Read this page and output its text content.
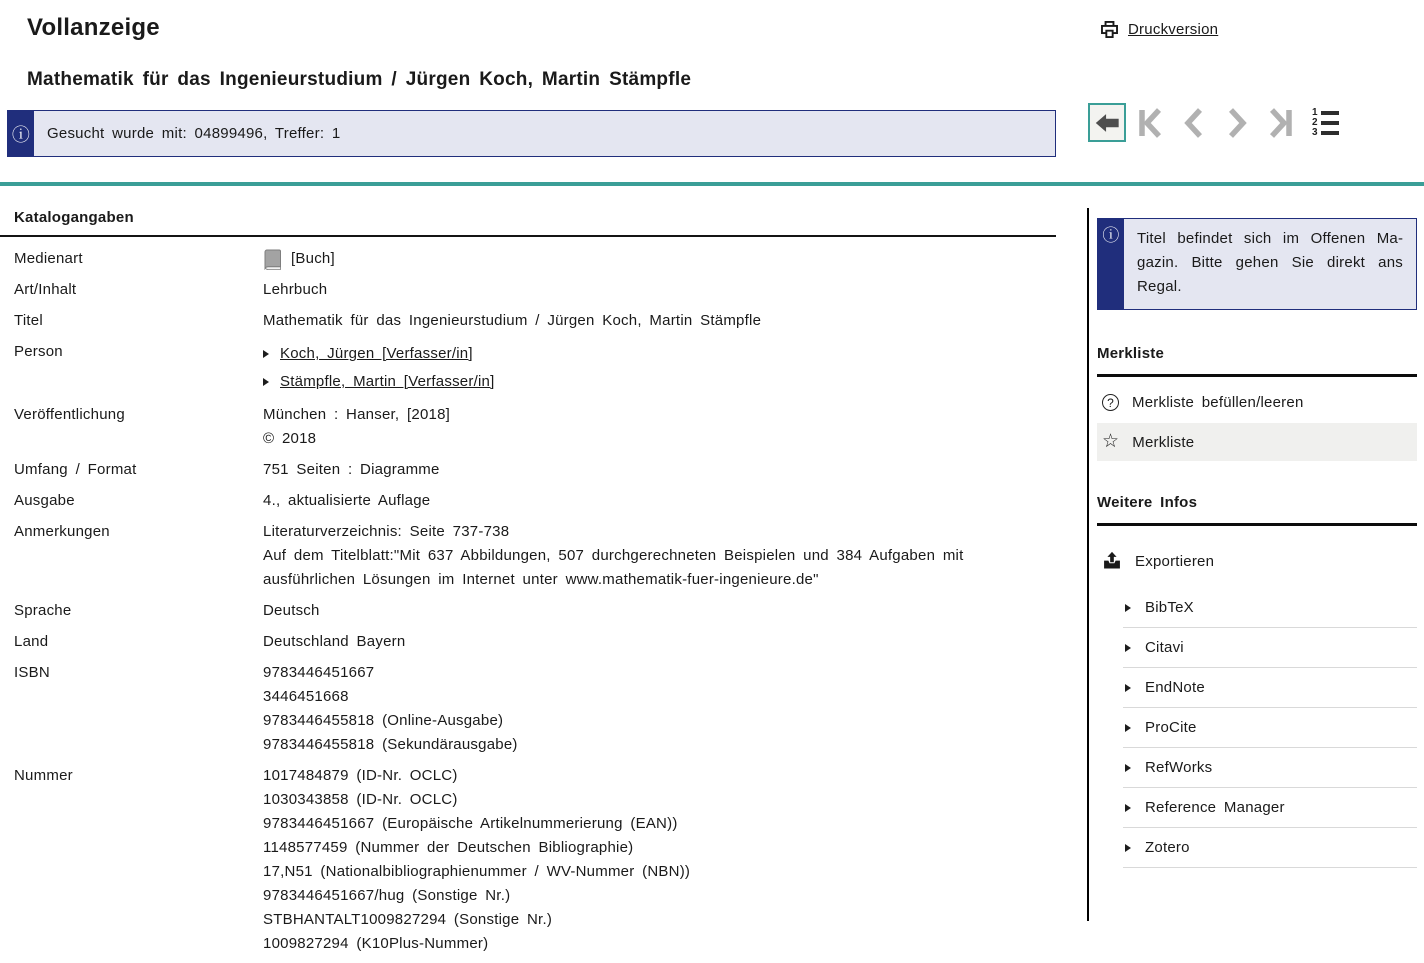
Vollanzeige
Mathematik für das Ingenieurstudium / Jürgen Koch, Martin Stämpfle
Druckversion
ⓘ	Gesucht wurde mit: 04899496, Treffer: 1
1
2
3
Katalogangaben
Medienart	[Buch]
Art/Inhalt	Lehrbuch
Titel	Mathematik für das Ingenieurstudium / Jürgen Koch, Martin Stämpfle
Person	Koch, Jürgen [Verfasser/in]
Stämpfle, Martin [Verfasser/in]
Veröffentlichung	München : Hanser, [2018]
© 2018
Umfang / Format	751 Seiten : Diagramme
Ausgabe	4., aktualisierte Auflage
Anmerkungen	Literaturverzeichnis: Seite 737-738
Auf dem Titelblatt:"Mit 637 Abbildungen, 507 durchgerechneten Beispielen und 384 Aufgaben mit ausführlichen Lösungen im Internet unter www.mathematik-fuer-ingenieure.de"
Sprache	Deutsch
Land	Deutschland Bayern
ISBN	9783446451667
3446451668
9783446455818 (Online-Ausgabe)
9783446455818 (Sekundärausgabe)
Nummer	1017484879 (ID-Nr. OCLC)
1030343858 (ID-Nr. OCLC)
9783446451667 (Europäische Artikelnummerierung (EAN))
1148577459 (Nummer der Deutschen Bibliographie)
17,N51 (Nationalbibliographienummer / WV-Nummer (NBN))
9783446451667/hug (Sonstige Nr.)
STBHANTALT1009827294 (Sonstige Nr.)
1009827294 (K10Plus-Nummer)
ⓘ	Titel befindet sich im Offenen Magazin. Bitte gehen Sie direkt ans Regal.
Merkliste
? Merkliste befüllen/leeren
☆ Merkliste
Weitere Infos
Exportieren
BibTeX
Citavi
EndNote
ProCite
RefWorks
Reference Manager
Zotero
